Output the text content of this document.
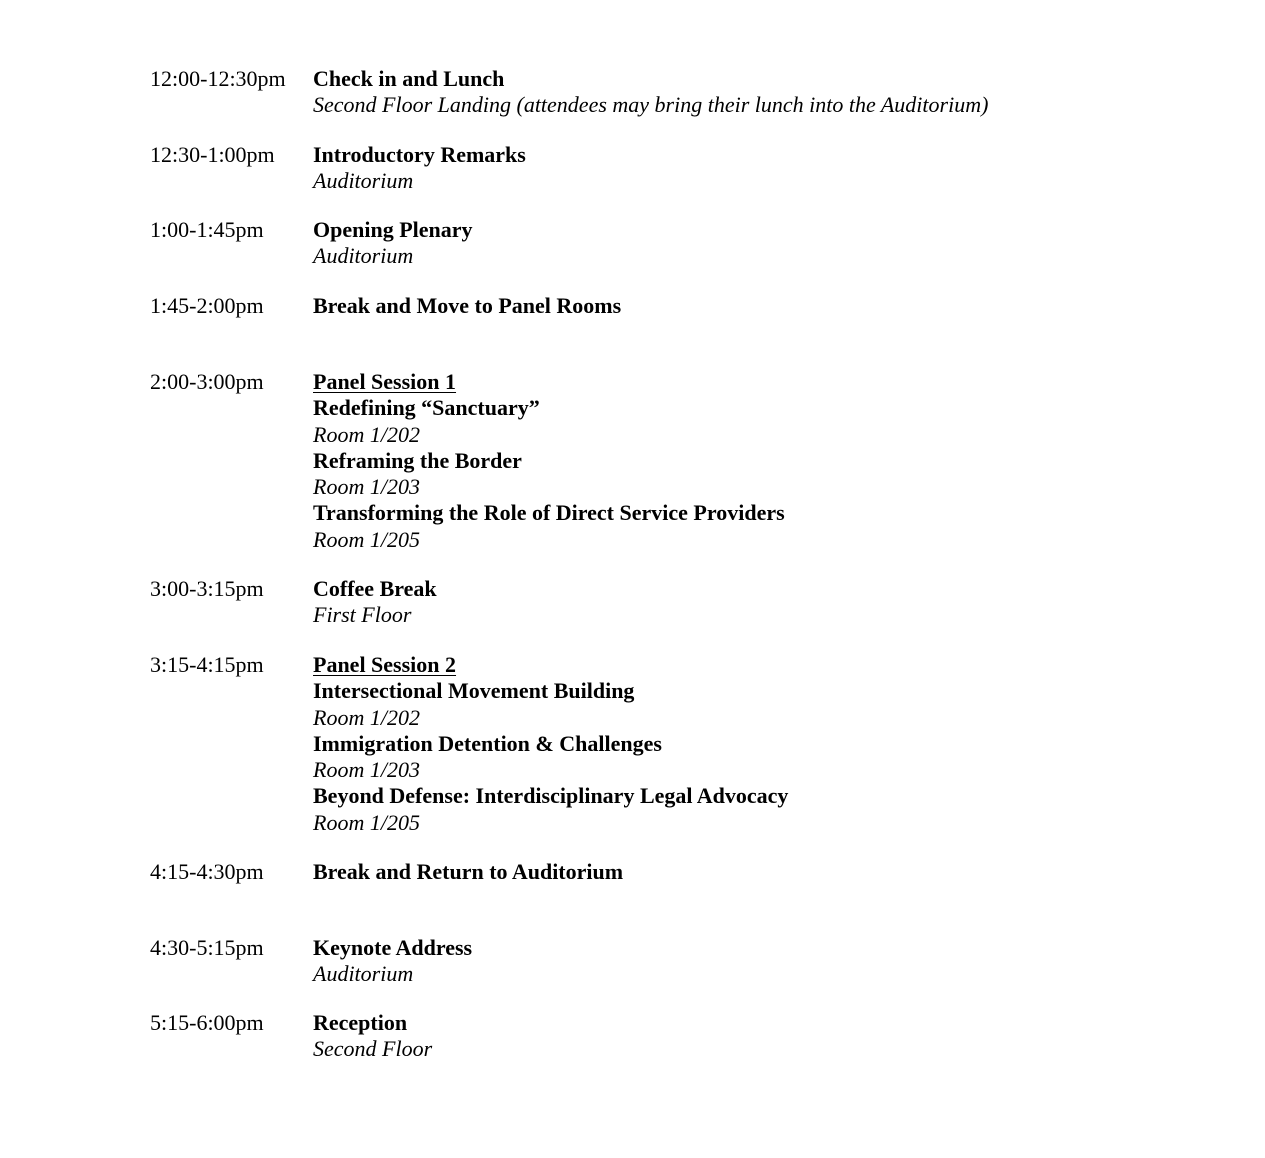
12:00-12:30pm	Check in and Lunch
Second Floor Landing (attendees may bring their lunch into the Auditorium)
12:30-1:00pm	Introductory Remarks
Auditorium
1:00-1:45pm	Opening Plenary
Auditorium
1:45-2:00pm	Break and Move to Panel Rooms
2:00-3:00pm	Panel Session 1
Redefining “Sanctuary”
Room 1/202
Reframing the Border
Room 1/203
Transforming the Role of Direct Service Providers
Room 1/205
3:00-3:15pm	Coffee Break
First Floor
3:15-4:15pm	Panel Session 2
Intersectional Movement Building
Room 1/202
Immigration Detention & Challenges
Room 1/203
Beyond Defense: Interdisciplinary Legal Advocacy
Room 1/205
4:15-4:30pm	Break and Return to Auditorium
4:30-5:15pm	Keynote Address
Auditorium
5:15-6:00pm	Reception
Second Floor
